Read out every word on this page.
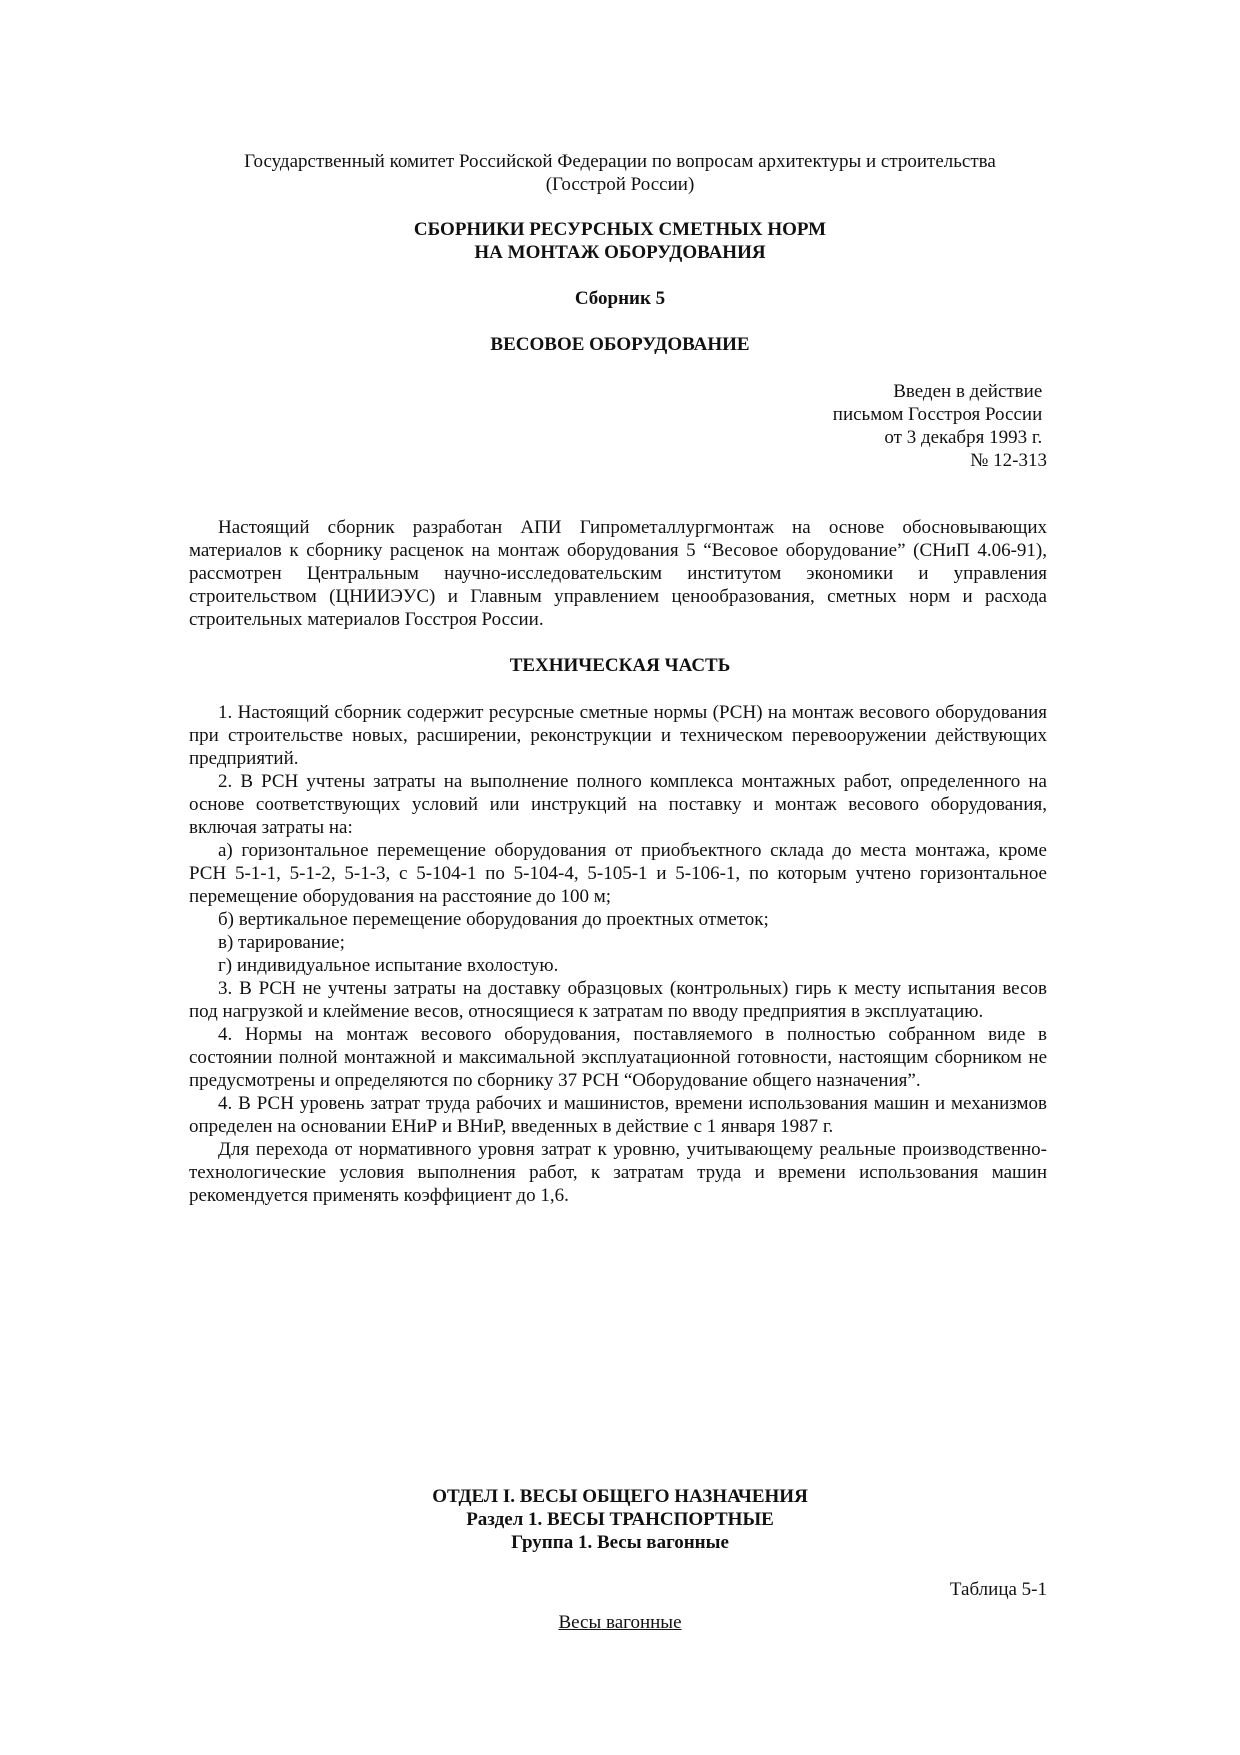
Государственный комитет Российской Федерации по вопросам архитектуры и строительства
(Госстрой России)
СБОРНИКИ РЕСУРСНЫХ СМЕТНЫХ НОРМ
НА МОНТАЖ ОБОРУДОВАНИЯ
Сборник 5
ВЕСОВОЕ ОБОРУДОВАНИЕ
Введен в действие
письмом Госстроя России
от 3 декабря 1993 г.
№ 12-313

Настоящий сборник разработан АПИ Гипрометаллургмонтаж на основе обосновывающих материалов к сборнику расценок на монтаж оборудования 5 “Весовое оборудование” (СНиП 4.06-91), рассмотрен Центральным научно-исследовательским институтом экономики и управления строительством (ЦНИИЭУС) и Главным управлением ценообразования, сметных норм и расхода строительных материалов Госстроя России.

ТЕХНИЧЕСКАЯ ЧАСТЬ

1. Настоящий сборник содержит ресурсные сметные нормы (РСН) на монтаж весового оборудования при строительстве новых, расширении, реконструкции и техническом перевооружении действующих предприятий.

2. В РСН учтены затраты на выполнение полного комплекса монтажных работ, определенного на основе соответствующих условий или инструкций на поставку и монтаж весового оборудования, включая затраты на:

а) горизонтальное перемещение оборудования от приобъектного склада до места монтажа, кроме РСН 5-1-1, 5-1-2, 5-1-3, с 5-104-1 по 5-104-4, 5-105-1 и 5-106-1, по которым учтено горизонтальное перемещение оборудования на расстояние до 100 м;

б) вертикальное перемещение оборудования до проектных отметок;

в) тарирование;

г) индивидуальное испытание вхолостую.

3. В РСН не учтены затраты на доставку образцовых (контрольных) гирь к месту испытания весов под нагрузкой и клеймение весов, относящиеся к затратам по вводу предприятия в эксплуатацию.

4. Нормы на монтаж весового оборудования, поставляемого в полностью собранном виде в состоянии полной монтажной и максимальной эксплуатационной готовности, настоящим сборником не предусмотрены и определяются по сборнику 37 РСН “Оборудование общего назначения”.

4. В РСН уровень затрат труда рабочих и машинистов, времени использования машин и механизмов определен на основании ЕНиР и ВНиР, введенных в действие с 1 января 1987 г.

Для перехода от нормативного уровня затрат к уровню, учитывающему реальные производственно-технологические условия выполнения работ, к затратам труда и времени использования машин рекомендуется применять коэффициент до 1,6.

ОТДЕЛ I. ВЕСЫ ОБЩЕГО НАЗНАЧЕНИЯ
Раздел 1. ВЕСЫ ТРАНСПОРТНЫЕ
Группа 1. Весы вагонные
Таблица 5-1
Весы вагонные
